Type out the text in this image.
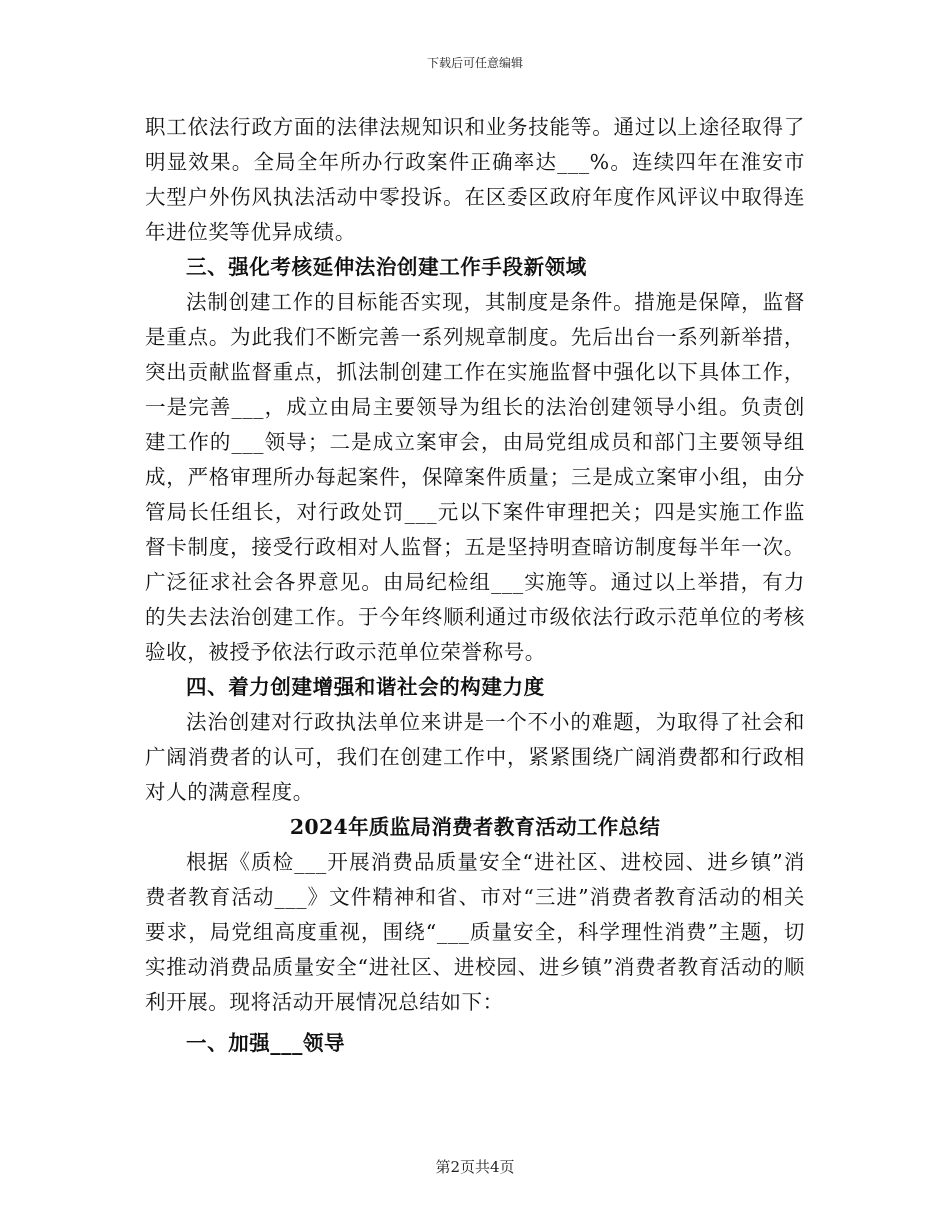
下载后可任意编辑

职工依法行政方面的法律法规知识和业务技能等。通过以上途径取得了明显效果。全局全年所办行政案件正确率达___%。连续四年在淮安市大型户外伤风执法活动中零投诉。在区委区政府年度作风评议中取得连年进位奖等优异成绩。

三、强化考核延伸法治创建工作手段新领域

法制创建工作的目标能否实现，其制度是条件。措施是保障，监督是重点。为此我们不断完善一系列规章制度。先后出台一系列新举措，突出贡献监督重点，抓法制创建工作在实施监督中强化以下具体工作，一是完善___，成立由局主要领导为组长的法治创建领导小组。负责创建工作的___领导；二是成立案审会，由局党组成员和部门主要领导组成，严格审理所办每起案件，保障案件质量；三是成立案审小组，由分管局长任组长，对行政处罚___元以下案件审理把关；四是实施工作监督卡制度，接受行政相对人监督；五是坚持明查暗访制度每半年一次。广泛征求社会各界意见。由局纪检组___实施等。通过以上举措，有力的失去法治创建工作。于今年终顺利通过市级依法行政示范单位的考核验收，被授予依法行政示范单位荣誉称号。

四、着力创建增强和谐社会的构建力度

法治创建对行政执法单位来讲是一个不小的难题，为取得了社会和广阔消费者的认可，我们在创建工作中，紧紧围绕广阔消费都和行政相对人的满意程度。

2024年质监局消费者教育活动工作总结

根据《质检___开展消费品质量安全“进社区、进校园、进乡镇”消费者教育活动___》文件精神和省、市对“三进”消费者教育活动的相关要求，局党组高度重视，围绕“___质量安全，科学理性消费”主题，切实推动消费品质量安全“进社区、进校园、进乡镇”消费者教育活动的顺利开展。现将活动开展情况总结如下：

一、加强___领导

第2页共4页
